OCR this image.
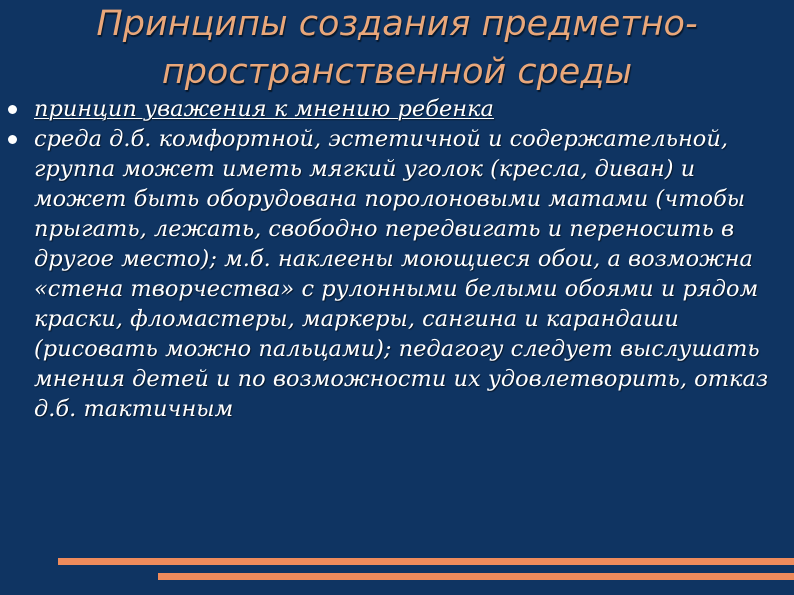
Принципы создания предметно-
пространственной среды
принцип уважения к мнению ребенка
среда д.б. комфортной, эстетичной и содержательной, группа может иметь мягкий уголок (кресла, диван) и может быть оборудована поролоновыми матами (чтобы прыгать, лежать, свободно передвигать и переносить в другое место); м.б. наклеены моющиеся обои, а возможна «стена творчества» с рулонными белыми обоями и рядом краски, фломастеры, маркеры, сангина и карандаши (рисовать можно пальцами); педагогу следует выслушать мнения детей и по возможности их удовлетворить, отказ д.б. тактичным
